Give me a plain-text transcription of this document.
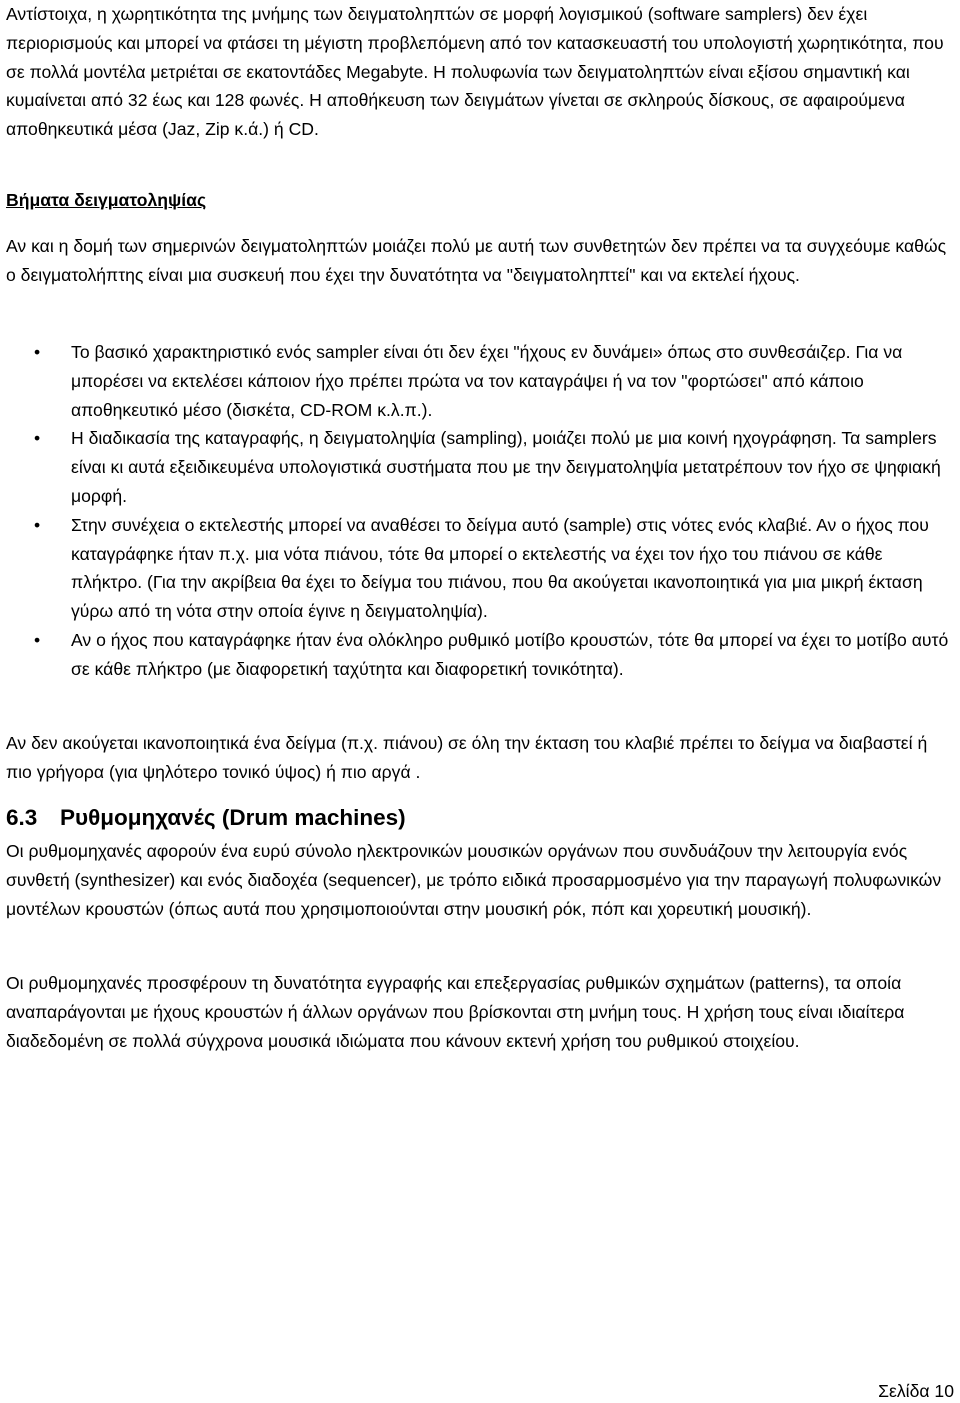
Αντίστοιχα, η χωρητικότητα της μνήμης των δειγματοληπτών σε μορφή λογισμικού (software samplers) δεν έχει περιορισμούς και μπορεί να φτάσει τη μέγιστη προβλεπόμενη από τον κατασκευαστή του υπολογιστή χωρητικότητα, που σε πολλά μοντέλα μετριέται σε εκατοντάδες Megabyte. Η πολυφωνία των δειγματοληπτών είναι εξίσου σημαντική και κυμαίνεται από 32 έως και 128 φωνές. Η αποθήκευση των δειγμάτων γίνεται σε σκληρούς δίσκους, σε αφαιρούμενα αποθηκευτικά μέσα (Jaz, Zip κ.ά.) ή CD.

Βήματα δειγματοληψίας

Αν και η δομή των σημερινών δειγματοληπτών μοιάζει πολύ με αυτή των συνθετητών δεν πρέπει να τα συγχεόυμε καθώς ο δειγματολήπτης είναι μια συσκευή που έχει την δυνατότητα να "δειγματοληπτεί" και να εκτελεί ήχους.

• Το βασικό χαρακτηριστικό ενός sampler είναι ότι δεν έχει "ήχους εν δυνάμει» όπως στο συνθεσάιζερ. Για να μπορέσει να εκτελέσει κάποιον ήχο πρέπει πρώτα να τον καταγράψει ή να τον "φορτώσει" από κάποιο αποθηκευτικό μέσο (δισκέτα, CD-ROM κ.λ.π.).
• Η διαδικασία της καταγραφής, η δειγματοληψία (sampling), μοιάζει πολύ με μια κοινή ηχογράφηση. Τα samplers είναι κι αυτά εξειδικευμένα υπολογιστικά συστήματα που με την δειγματοληψία μετατρέπουν τον ήχο σε ψηφιακή μορφή.
• Στην συνέχεια ο εκτελεστής μπορεί να αναθέσει το δείγμα αυτό (sample) στις νότες ενός κλαβιέ. Αν ο ήχος που καταγράφηκε ήταν π.χ. μια νότα πιάνου, τότε θα μπορεί ο εκτελεστής να έχει τον ήχο του πιάνου σε κάθε πλήκτρο. (Για την ακρίβεια θα έχει το δείγμα του πιάνου, που θα ακούγεται ικανοποιητικά για μια μικρή έκταση γύρω από τη νότα στην οποία έγινε η δειγματοληψία).
• Αν ο ήχος που καταγράφηκε ήταν ένα ολόκληρο ρυθμικό μοτίβο κρουστών, τότε θα μπορεί να έχει το μοτίβο αυτό σε κάθε πλήκτρο (με διαφορετική ταχύτητα και διαφορετική τονικότητα).

Αν δεν ακούγεται ικανοποιητικά ένα δείγμα (π.χ. πιάνου) σε όλη την έκταση του κλαβιέ πρέπει το δείγμα να διαβαστεί ή πιο γρήγορα (για ψηλότερο τονικό ύψος) ή πιο αργά .

6.3 Ρυθμομηχανές (Drum machines)

Οι ρυθμομηχανές αφορούν ένα ευρύ σύνολο ηλεκτρονικών μουσικών οργάνων που συνδυάζουν την λειτουργία ενός συνθετή (synthesizer) και ενός διαδοχέα (sequencer), με τρόπο ειδικά προσαρμοσμένο για την παραγωγή πολυφωνικών μοντέλων κρουστών (όπως αυτά που χρησιμοποιούνται στην μουσική ρόκ, πόπ και χορευτική μουσική).

Οι ρυθμομηχανές προσφέρουν τη δυνατότητα εγγραφής και επεξεργασίας ρυθμικών σχημάτων (patterns), τα οποία αναπαράγονται με ήχους κρουστών ή άλλων οργάνων που βρίσκονται στη μνήμη τους. Η χρήση τους είναι ιδιαίτερα διαδεδομένη σε πολλά σύγχρονα μουσικά ιδιώματα που κάνουν εκτενή χρήση του ρυθμικού στοιχείου.

Σελίδα 10
